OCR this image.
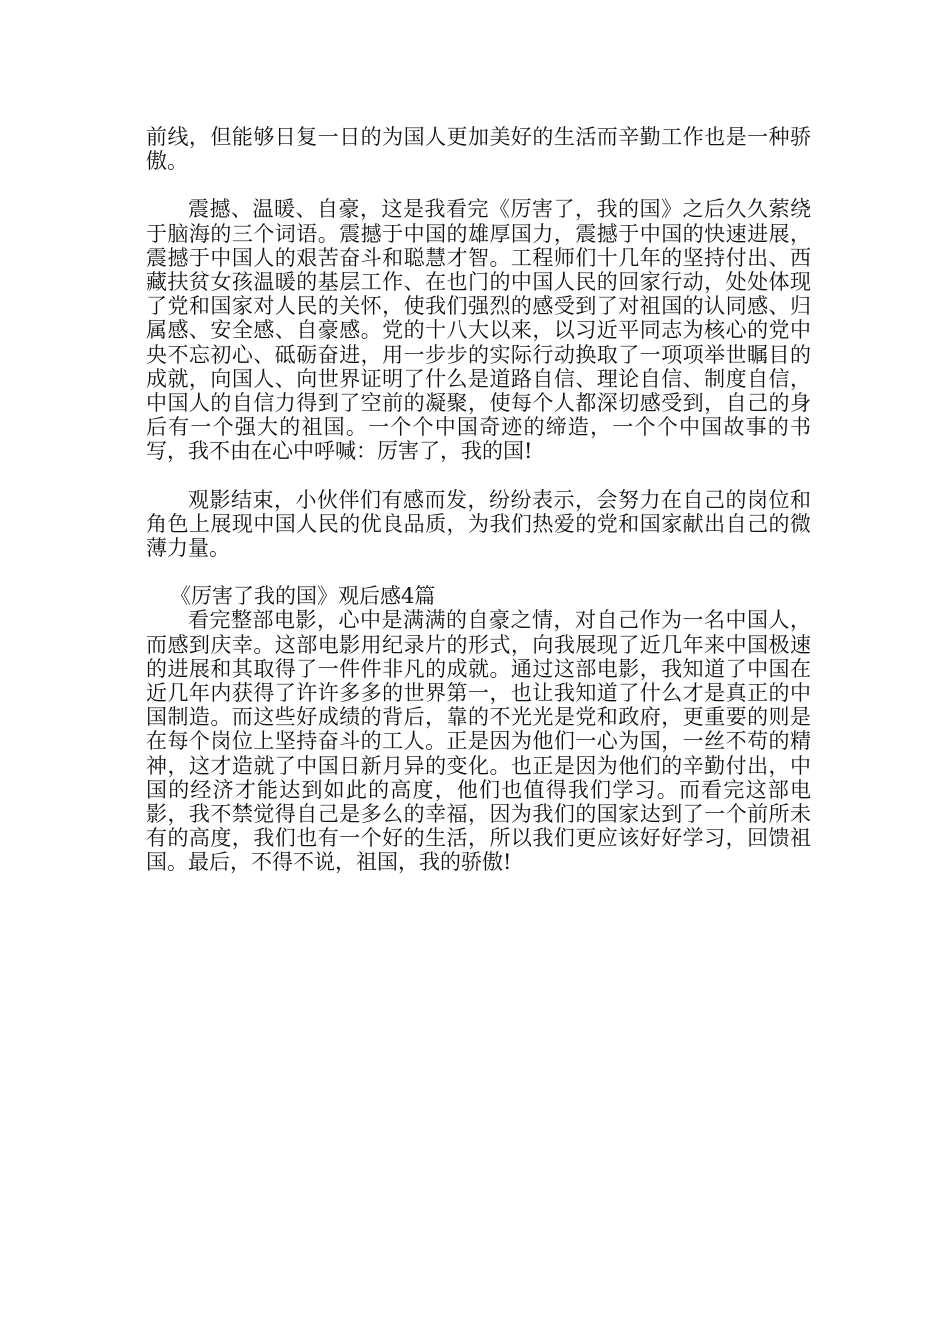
前线，但能够日复一日的为国人更加美好的生活而辛勤工作也是一种骄傲。

震撼、温暖、自豪，这是我看完《厉害了，我的国》之后久久萦绕于脑海的三个词语。震撼于中国的雄厚国力，震撼于中国的快速进展，震撼于中国人的艰苦奋斗和聪慧才智。工程师们十几年的坚持付出、西藏扶贫女孩温暖的基层工作、在也门的中国人民的回家行动，处处体现了党和国家对人民的关怀，使我们强烈的感受到了对祖国的认同感、归属感、安全感、自豪感。党的十八大以来，以习近平同志为核心的党中央不忘初心、砥砺奋进，用一步步的实际行动换取了一项项举世瞩目的成就，向国人、向世界证明了什么是道路自信、理论自信、制度自信，中国人的自信力得到了空前的凝聚，使每个人都深切感受到，自己的身后有一个强大的祖国。一个个中国奇迹的缔造，一个个中国故事的书写，我不由在心中呼喊：厉害了，我的国!

观影结束，小伙伴们有感而发，纷纷表示，会努力在自己的岗位和角色上展现中国人民的优良品质，为我们热爱的党和国家献出自己的微薄力量。

《厉害了我的国》观后感4篇

看完整部电影，心中是满满的自豪之情，对自己作为一名中国人，而感到庆幸。这部电影用纪录片的形式，向我展现了近几年来中国极速的进展和其取得了一件件非凡的成就。通过这部电影，我知道了中国在近几年内获得了许许多多的世界第一，也让我知道了什么才是真正的中国制造。而这些好成绩的背后，靠的不光光是党和政府，更重要的则是在每个岗位上坚持奋斗的工人。正是因为他们一心为国，一丝不苟的精神，这才造就了中国日新月异的变化。也正是因为他们的辛勤付出，中国的经济才能达到如此的高度，他们也值得我们学习。而看完这部电影，我不禁觉得自己是多么的幸福，因为我们的国家达到了一个前所未有的高度，我们也有一个好的生活，所以我们更应该好好学习，回馈祖国。最后，不得不说，祖国，我的骄傲!
